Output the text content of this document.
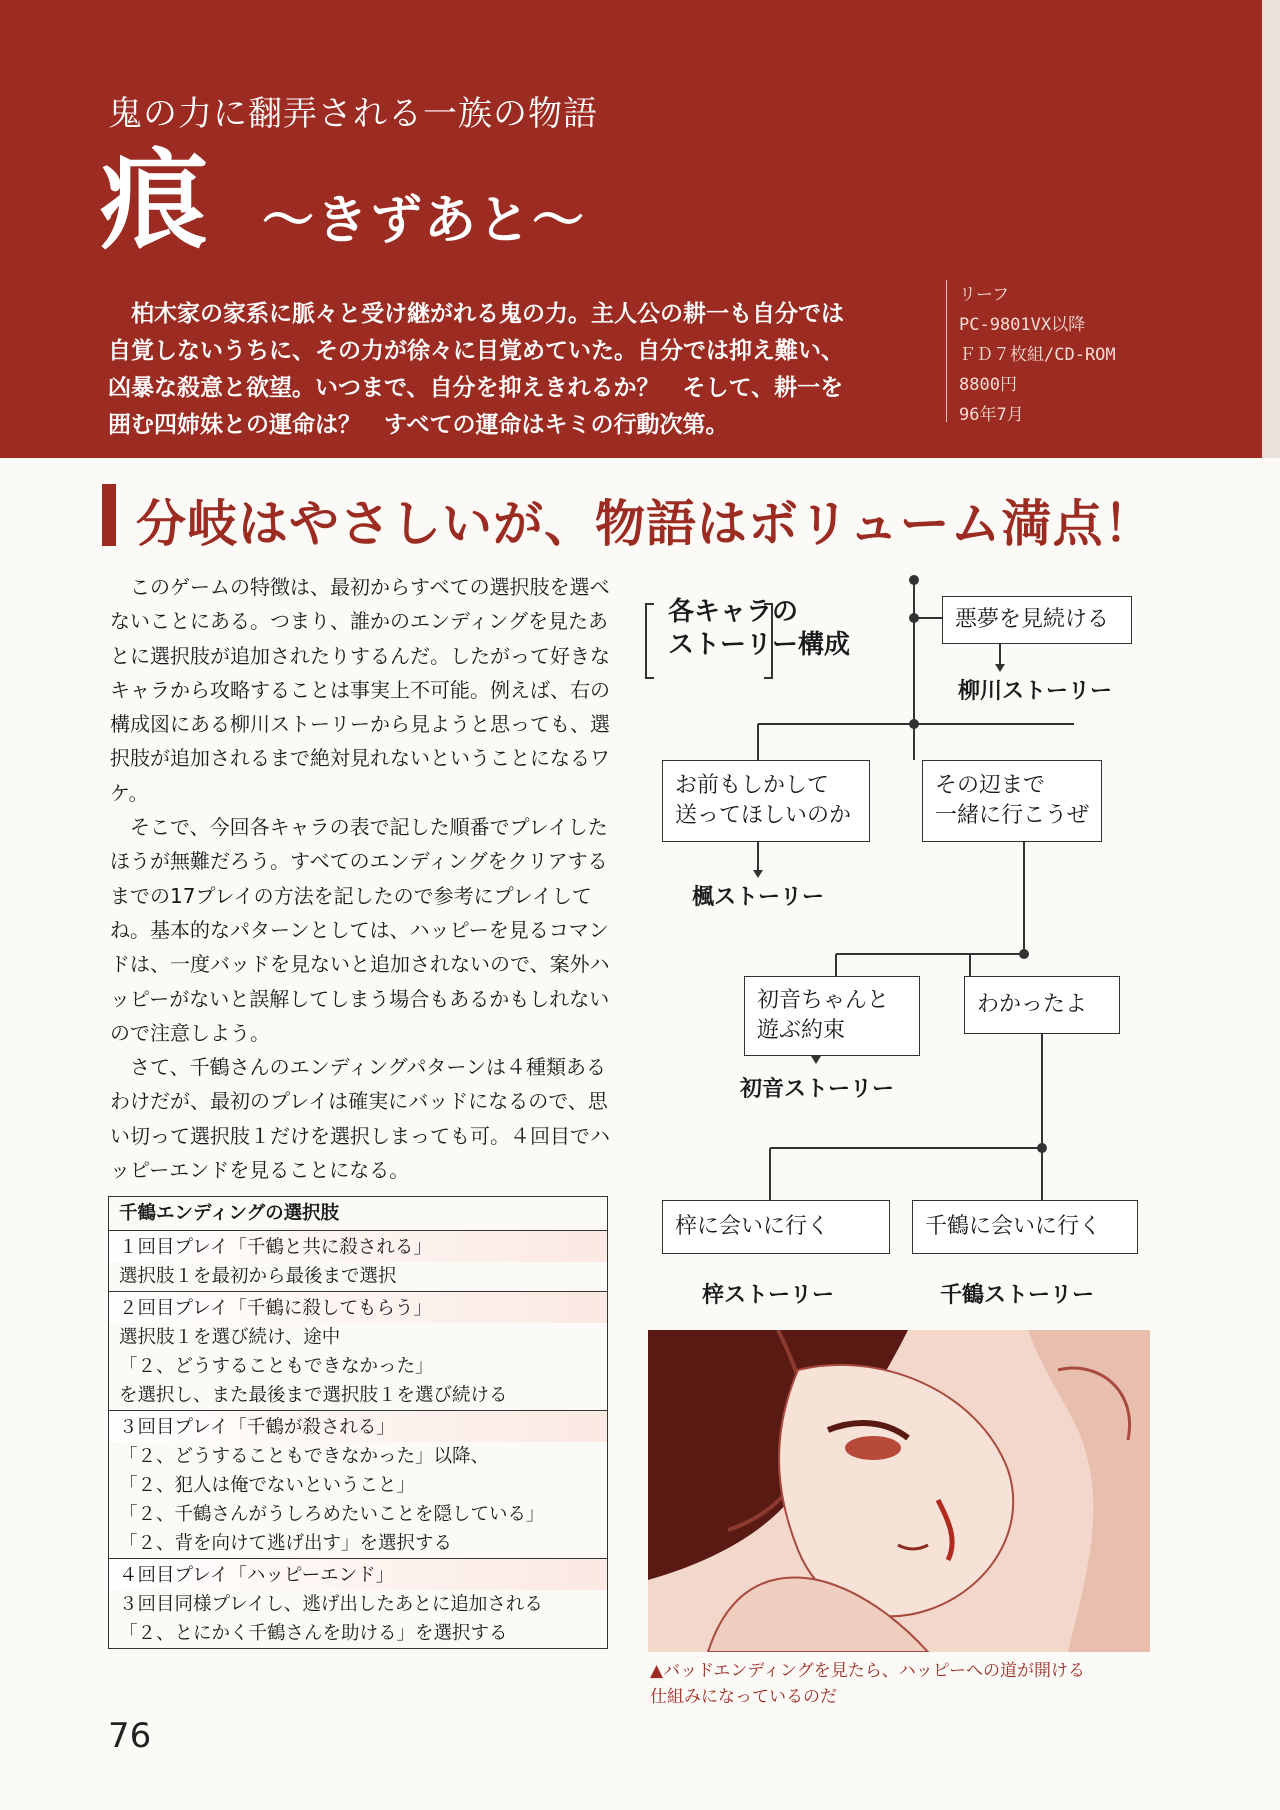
鬼の力に翻弄される一族の物語
痕 ～きずあと～

柏木家の家系に脈々と受け継がれる鬼の力。主人公の耕一も自分では

自覚しないうちに、その力が徐々に目覚めていた。自分では抑え難い、
凶暴な殺意と欲望。いつまで、自分を抑えきれるか？　そして、耕一を
囲む四姉妹との運命は？　すべての運命はキミの行動次第。
リーフ
PC-9801VX以降
ＦＤ７枚組/CD-ROM
8800円
96年7月
分岐はやさしいが、物語はボリューム満点！

このゲームの特徴は、最初からすべての選択肢を選べないことにある。つまり、誰かのエンディングを見たあとに選択肢が追加されたりするんだ。したがって好きなキャラから攻略することは事実上不可能。例えば、右の構成図にある柳川ストーリーから見ようと思っても、選択肢が追加されるまで絶対見れないということになるワケ。

そこで、今回各キャラの表で記した順番でプレイしたほうが無難だろう。すべてのエンディングをクリアするまでの17プレイの方法を記したので参考にプレイしてね。基本的なパターンとしては、ハッピーを見るコマンドは、一度バッドを見ないと追加されないので、案外ハッピーがないと誤解してしまう場合もあるかもしれないので注意しよう。

さて、千鶴さんのエンディングパターンは４種類あるわけだが、最初のプレイは確実にバッドになるので、思い切って選択肢１だけを選択しまっても可。４回目でハッピーエンドを見ることになる。

千鶴エンディングの選択肢
１回目プレイ「千鶴と共に殺される」
選択肢１を最初から最後まで選択
２回目プレイ「千鶴に殺してもらう」
選択肢１を選び続け、途中
「２、どうすることもできなかった」
を選択し、また最後まで選択肢１を選び続ける
３回目プレイ「千鶴が殺される」
「２、どうすることもできなかった」以降、
「２、犯人は俺でないということ」
「２、千鶴さんがうしろめたいことを隠している」
「２、背を向けて逃げ出す」を選択する
４回目プレイ「ハッピーエンド」
３回目同様プレイし、逃げ出したあとに追加される
「２、とにかく千鶴さんを助ける」を選択する
各キャラの
ストーリー構成
悪夢を見続ける
柳川ストーリー
お前もしかして
送ってほしいのか
その辺まで
一緒に行こうぜ
楓ストーリー
初音ちゃんと
遊ぶ約束
わかったよ
初音ストーリー
梓に会いに行く	千鶴に会いに行く
梓ストーリー	千鶴ストーリー
▲バッドエンディングを見たら、ハッピーへの道が開ける
仕組みになっているのだ
76
